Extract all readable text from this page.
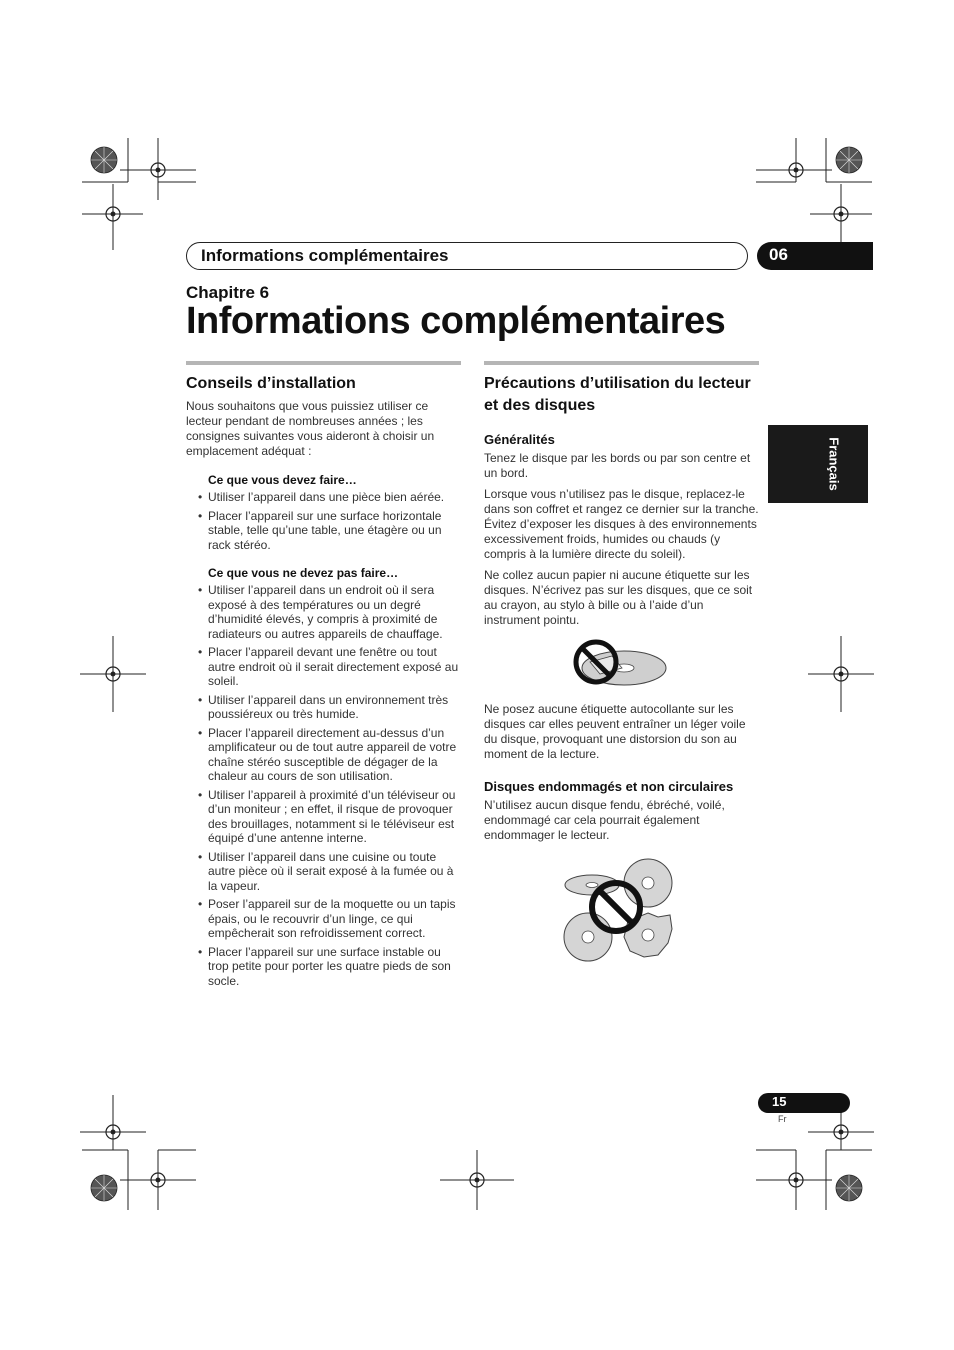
Informations complémentaires	06
Chapitre 6
Informations complémentaires
Français
Conseils d’installation

Nous souhaitons que vous puissiez utiliser ce lecteur pendant de nombreuses années ; les consignes suivantes vous aideront à choisir un emplacement adéquat :

Ce que vous devez faire…
• Utiliser l’appareil dans une pièce bien aérée.
• Placer l’appareil sur une surface horizontale stable, telle qu’une table, une étagère ou un rack stéréo.
Ce que vous ne devez pas faire…
• Utiliser l’appareil dans un endroit où il sera exposé à des températures ou un degré d’humidité élevés, y compris à proximité de radiateurs ou autres appareils de chauffage.
• Placer l’appareil devant une fenêtre ou tout autre endroit où il serait directement exposé au soleil.
• Utiliser l’appareil dans un environnement très poussiéreux ou très humide.
• Placer l’appareil directement au-dessus d’un amplificateur ou de tout autre appareil de votre chaîne stéréo susceptible de dégager de la chaleur au cours de son utilisation.
• Utiliser l’appareil à proximité d’un téléviseur ou d’un moniteur ; en effet, il risque de provoquer des brouillages, notamment si le téléviseur est équipé d’une antenne interne.
• Utiliser l’appareil dans une cuisine ou toute autre pièce où il serait exposé à la fumée ou à la vapeur.
• Poser l’appareil sur de la moquette ou un tapis épais, ou le recouvrir d’un linge, ce qui empêcherait son refroidissement correct.
• Placer l’appareil sur une surface instable ou trop petite pour porter les quatre pieds de son socle.
Précautions d’utilisation du lecteur et des disques
Généralités

Tenez le disque par les bords ou par son centre et un bord.

Lorsque vous n’utilisez pas le disque, replacez-le dans son coffret et rangez ce dernier sur la tranche. Évitez d’exposer les disques à des environnements excessivement froids, humides ou chauds (y compris à la lumière directe du soleil).

Ne collez aucun papier ni aucune étiquette sur les disques. N’écrivez pas sur les disques, que ce soit au crayon, au stylo à bille ou à l’aide d’un instrument pointu.

Ne posez aucune étiquette autocollante sur les disques car elles peuvent entraîner un léger voile du disque, provoquant une distorsion du son au moment de la lecture.

Disques endommagés et non circulaires

N’utilisez aucun disque fendu, ébréché, voilé, endommagé car cela pourrait également endommager le lecteur.

15
Fr
